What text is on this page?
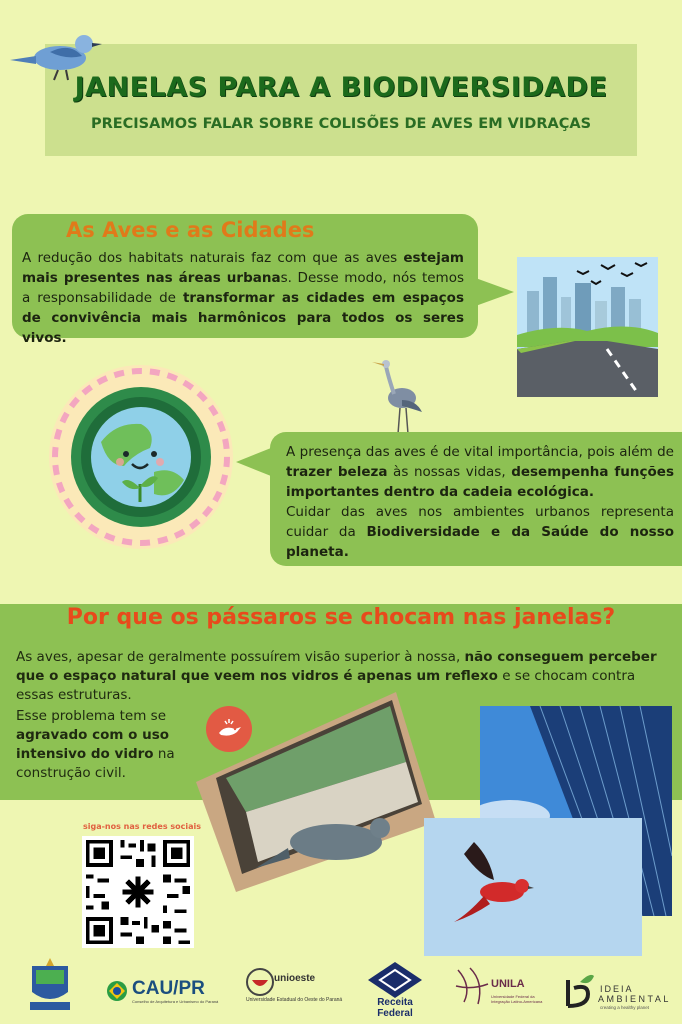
JANELAS PARA A BIODIVERSIDADE
PRECISAMOS FALAR SOBRE COLISÕES DE AVES EM VIDRAÇAS
As Aves e as Cidades
A redução dos habitats naturais faz com que as aves estejam mais presentes nas áreas urbanas. Desse modo, nós temos a responsabilidade de transformar as cidades em espaços de convivência mais harmônicos para todos os seres vivos.
A presença das aves é de vital importância, pois além de trazer beleza às nossas vidas, desempenha funções importantes dentro da cadeia ecológica.
Cuidar das aves nos ambientes urbanos representa cuidar da Biodiversidade e da Saúde do nosso planeta.
Por que os pássaros se chocam nas janelas?
As aves, apesar de geralmente possuírem visão superior à nossa, não conseguem perceber que o espaço natural que veem nos vidros é apenas um reflexo e se chocam contra essas estruturas.
Esse problema tem se agravado com o uso intensivo do vidro na construção civil.
siga-nos nas redes sociais
CAU/PR
Conselho de Arquitetura e Urbanismo do Paraná
unioeste
Universidade Estadual do Oeste do Paraná	Receita Federal
UNILA
Universidade Federal da Integração Latino-Americana
IDEIA
AMBIENTAL
creating a healthy planet
